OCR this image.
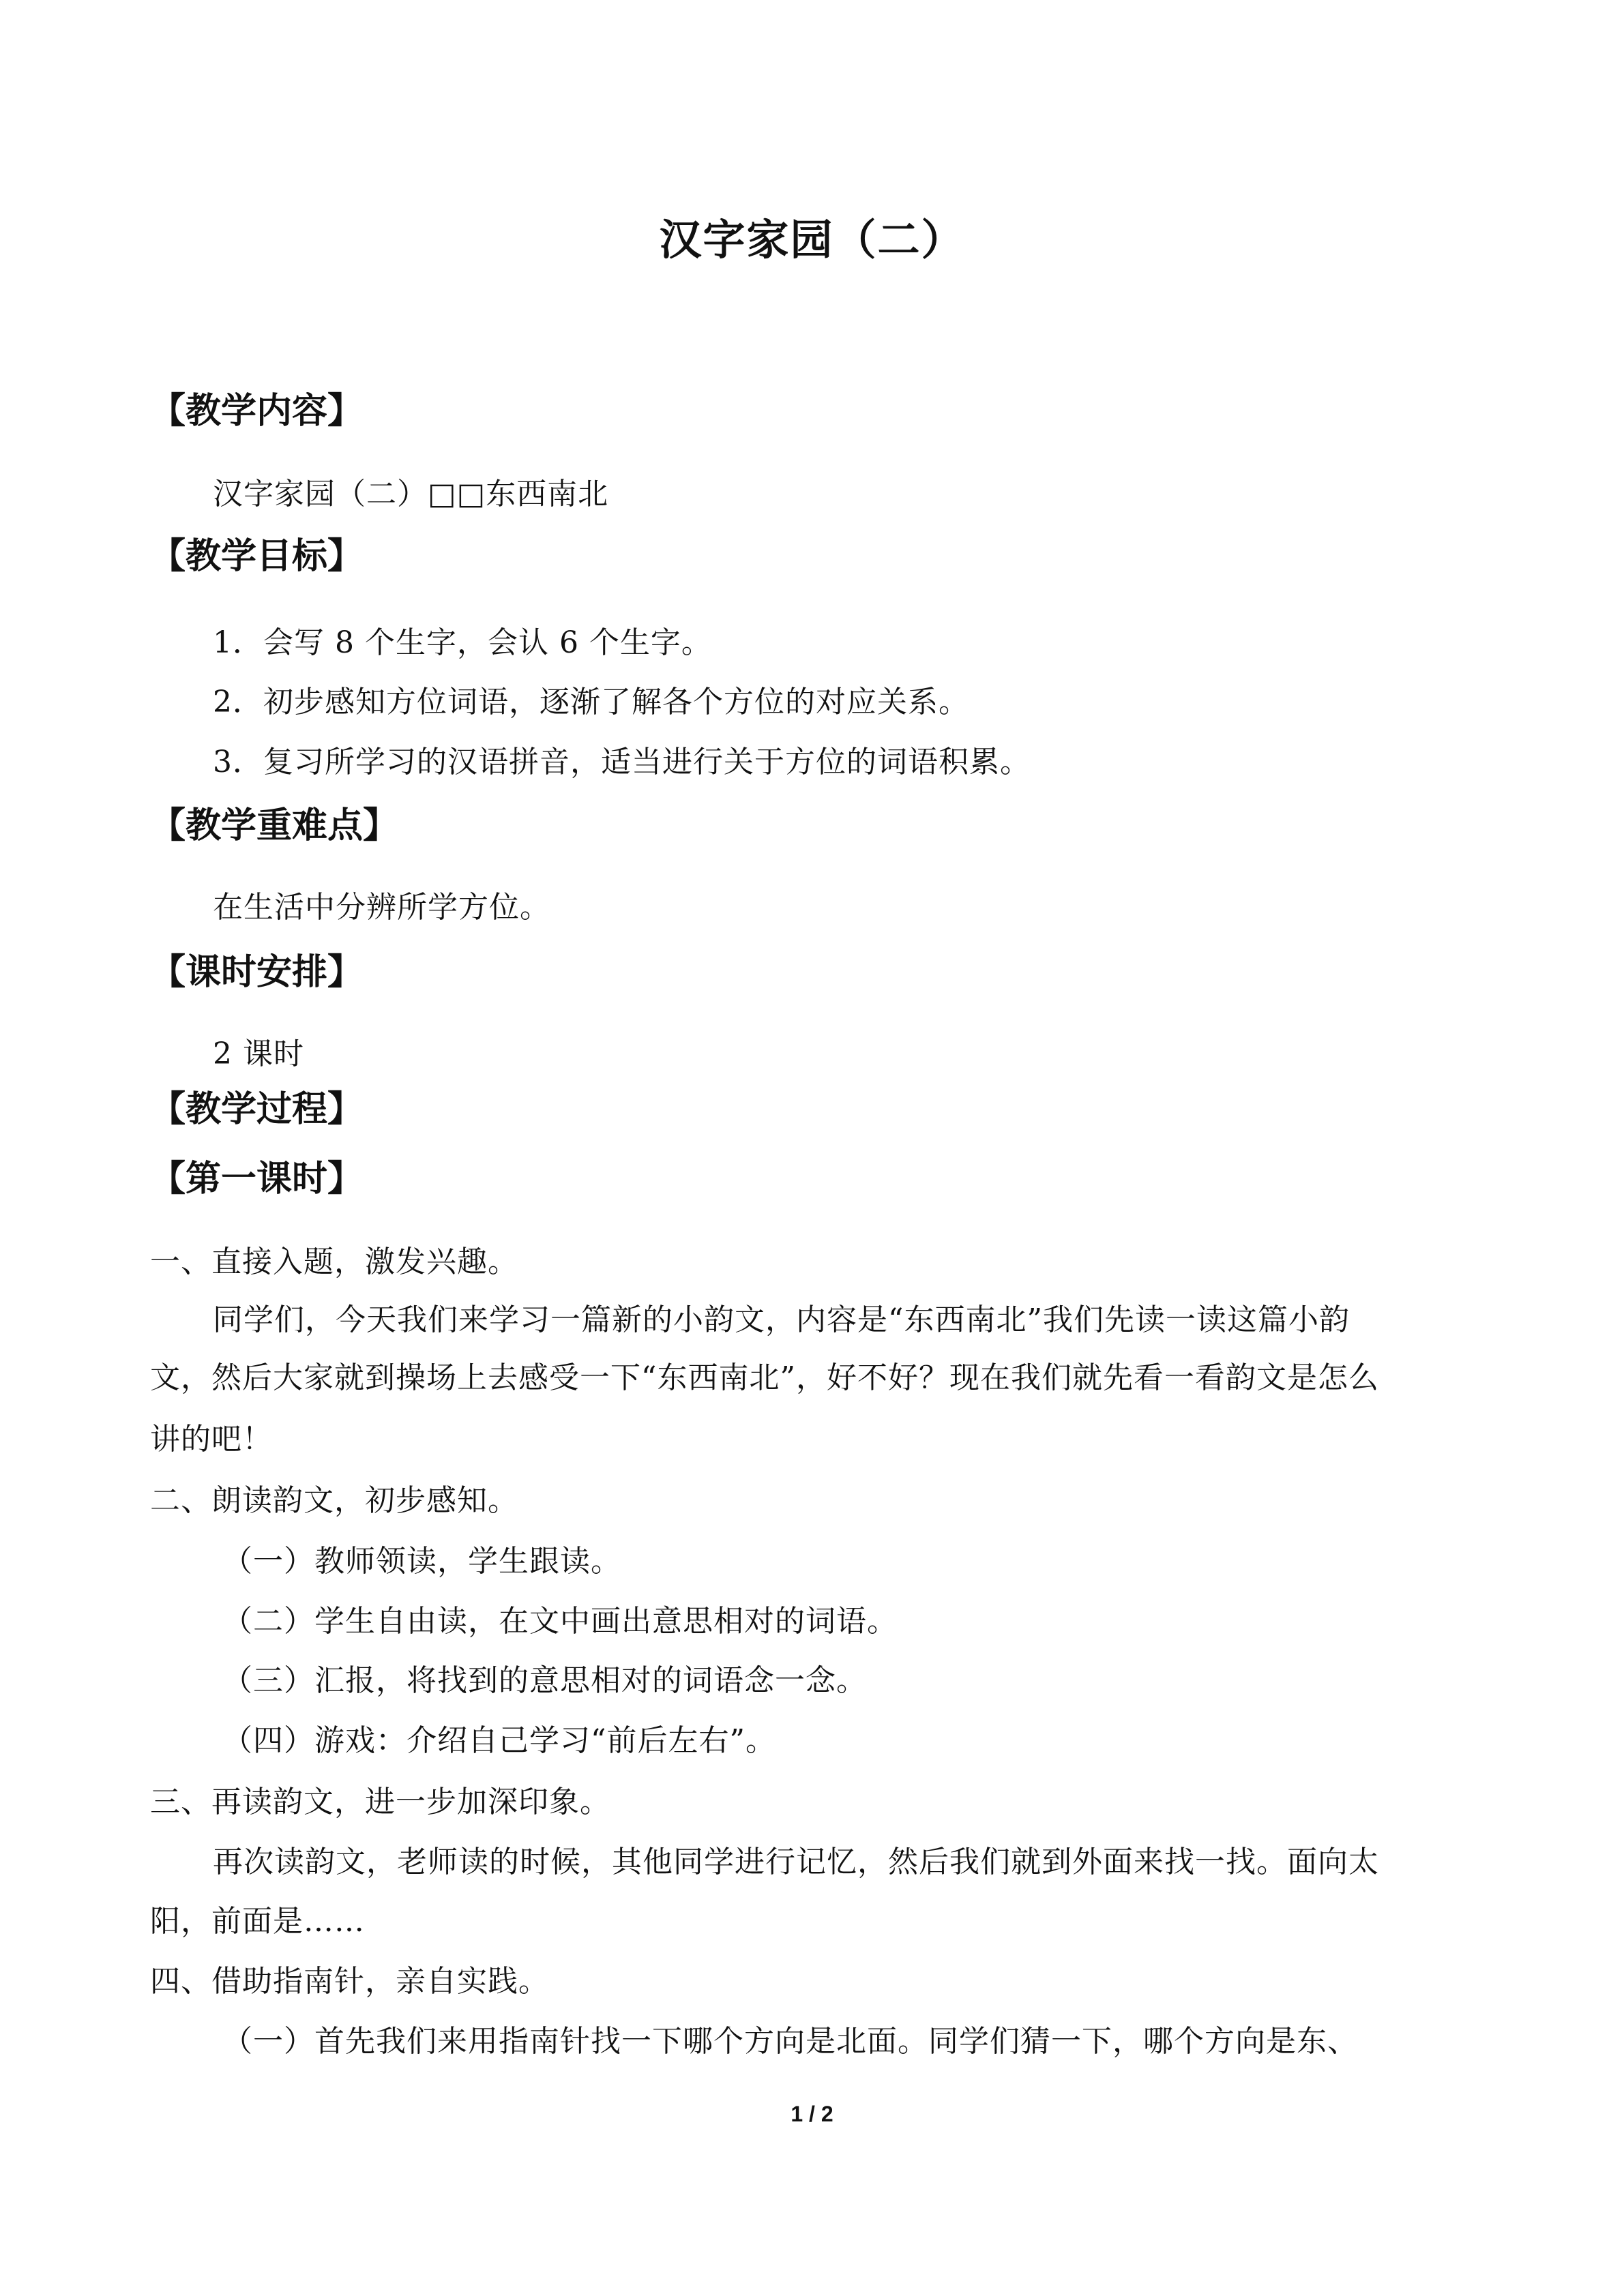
汉字家园（二）
【教学内容】
汉字家园（二）□□东西南北
【教学目标】
1．会写 8 个生字，会认 6 个生字。
2．初步感知方位词语，逐渐了解各个方位的对应关系。
3．复习所学习的汉语拼音，适当进行关于方位的词语积累。
【教学重难点】
在生活中分辨所学方位。
【课时安排】
2 课时
【教学过程】
【第一课时】
一、直接入题，激发兴趣。
同学们，今天我们来学习一篇新的小韵文，内容是“东西南北”我们先读一读这篇小韵
文，然后大家就到操场上去感受一下“东西南北”，好不好？现在我们就先看一看韵文是怎么
讲的吧！
二、朗读韵文，初步感知。
（一）教师领读，学生跟读。
（二）学生自由读，在文中画出意思相对的词语。
（三）汇报，将找到的意思相对的词语念一念。
（四）游戏：介绍自己学习“前后左右”。
三、再读韵文，进一步加深印象。
再次读韵文，老师读的时候，其他同学进行记忆，然后我们就到外面来找一找。面向太
阳，前面是……
四、借助指南针，亲自实践。
（一）首先我们来用指南针找一下哪个方向是北面。同学们猜一下，哪个方向是东、
1 / 2
